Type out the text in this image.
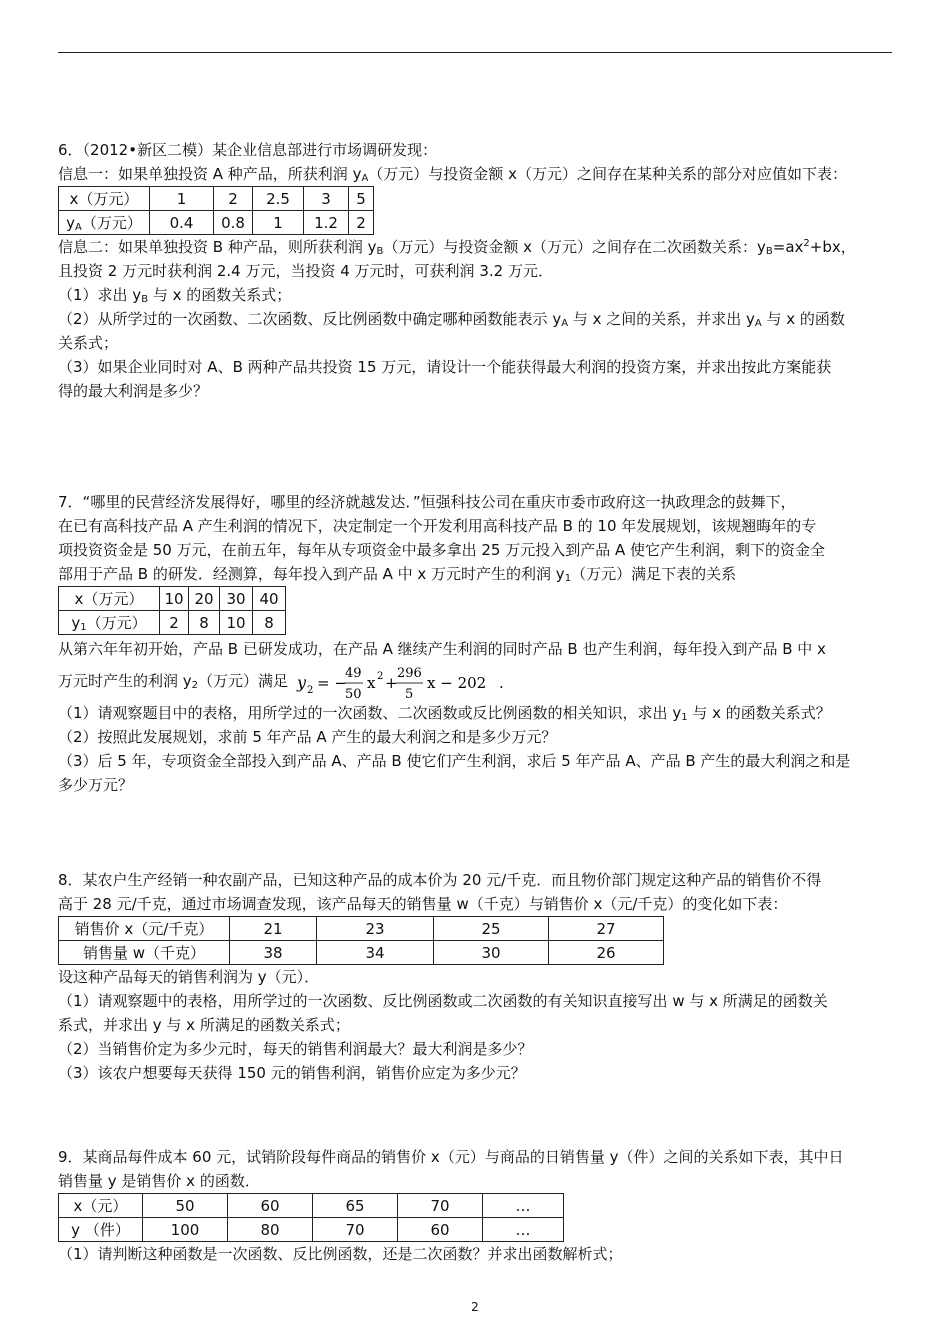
6．（2012•新区二模）某企业信息部进行市场调研发现：
信息一：如果单独投资 A 种产品，所获利润 $y_A$（万元）与投资金额 x（万元）之间存在某种关系的部分对应值如下表：
x（万元）	1	2	2.5	3	5
$y_A$（万元）	0.4	0.8	1	1.2	2
信息二：如果单独投资 B 种产品，则所获利润 $y_B$（万元）与投资金额 x（万元）之间存在二次函数关系：$y_B=ax^2+bx$，
且投资 2 万元时获利润 2.4 万元，当投资 4 万元时，可获利润 3.2 万元．
（1）求出 $y_B$ 与 x 的函数关系式；
（2）从所学过的一次函数、二次函数、反比例函数中确定哪种函数能表示 $y_A$ 与 x 之间的关系，并求出 $y_A$ 与 x 的函数
关系式；
（3）如果企业同时对 A、B 两种产品共投资 15 万元，请设计一个能获得最大利润的投资方案，并求出按此方案能获
得的最大利润是多少？
7．“哪里的民营经济发展得好，哪里的经济就越发达．”恒强科技公司在重庆市委市政府这一执政理念的鼓舞下，
在已有高科技产品 A 产生利润的情况下，决定制定一个开发利用高科技产品 B 的 10 年发展规划，该规翘晦年的专
项投资资金是 50 万元，在前五年，每年从专项资金中最多拿出 25 万元投入到产品 A 使它产生利润，剩下的资金全
部用于产品 B 的研发．经测算，每年投入到产品 A 中 x 万元时产生的利润 $y_1$（万元）满足下表的关系
x（万元）	10	20	30	40
$y_1$（万元）	2	8	10	8
从第六年年初开始，产品 B 已研发成功，在产品 A 继续产生利润的同时产品 B 也产生利润，每年投入到产品 B 中 x
万元时产生的利润 $y_2$（万元）满足 y 2 = −
49
50
x 2 +
296
5
x − 202 .
（1）请观察题目中的表格，用所学过的一次函数、二次函数或反比例函数的相关知识，求出 $y_1$ 与 x 的函数关系式？
（2）按照此发展规划，求前 5 年产品 A 产生的最大利润之和是多少万元？
（3）后 5 年，专项资金全部投入到产品 A、产品 B 使它们产生利润，求后 5 年产品 A、产品 B 产生的最大利润之和是
多少万元？
8．某农户生产经销一种农副产品，已知这种产品的成本价为 20 元/千克．而且物价部门规定这种产品的销售价不得
高于 28 元/千克，通过市场调查发现，该产品每天的销售量 w（千克）与销售价 x（元/千克）的变化如下表：
销售价 x（元/千克）	21	23	25	27
销售量 w（千克）	38	34	30	26
设这种产品每天的销售利润为 y（元）．
（1）请观察题中的表格，用所学过的一次函数、反比例函数或二次函数的有关知识直接写出 w 与 x 所满足的函数关
系式，并求出 y 与 x 所满足的函数关系式；
（2）当销售价定为多少元时，每天的销售利润最大？最大利润是多少？
（3）该农户想要每天获得 150 元的销售利润，销售价应定为多少元？
9．某商品每件成本 60 元，试销阶段每件商品的销售价 x（元）与商品的日销售量 y（件）之间的关系如下表，其中日
销售量 y 是销售价 x 的函数．
x（元）	50	60	65	70	…
y （件）	100	80	70	60	…
（1）请判断这种函数是一次函数、反比例函数，还是二次函数？并求出函数解析式；
2
